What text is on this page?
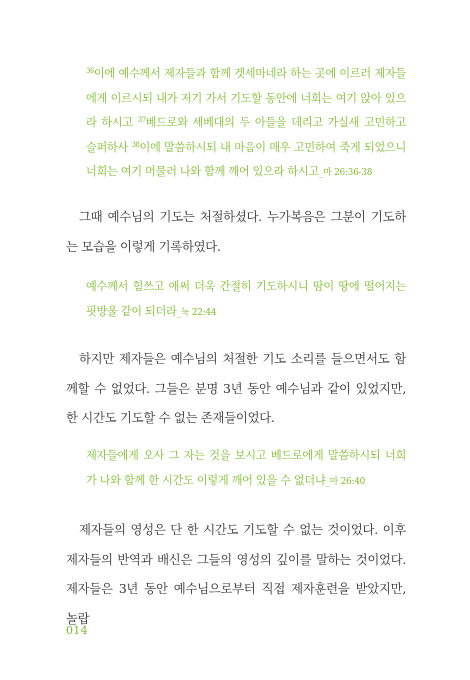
$^{36}$이에 예수께서 제자들과 함께 겟세마네라 하는 곳에 이르러 제자들에게 이르시되 내가 저기 가서 기도할 동안에 너희는 여기 앉아 있으라 하시고 $^{37}$베드로와 세베대의 두 아들을 데리고 가실새 고민하고 슬퍼하사 $^{38}$이에 말씀하시되 내 마음이 매우 고민하여 죽게 되었으니 너희는 여기 머물러 나와 함께 깨어 있으라 하시고_마 26:36-38
그때 예수님의 기도는 처절하셨다. 누가복음은 그분이 기도하는 모습을 이렇게 기록하였다.
예수께서 힘쓰고 애써 더욱 간절히 기도하시니 땀이 땅에 떨어지는 핏방울 같이 되더라_눅 22:44
하지만 제자들은 예수님의 처절한 기도 소리를 들으면서도 함께할 수 없었다. 그들은 분명 3년 동안 예수님과 같이 있었지만, 한 시간도 기도할 수 없는 존재들이었다.
제자들에게 오사 그 자는 것을 보시고 베드로에게 말씀하시되 너희가 나와 함께 한 시간도 이렇게 깨어 있을 수 없더냐_마 26:40
제자들의 영성은 단 한 시간도 기도할 수 없는 것이었다. 이후 제자들의 반역과 배신은 그들의 영성의 깊이를 말하는 것이었다. 제자들은 3년 동안 예수님으로부터 직접 제자훈련을 받았지만, 놀랍
014
